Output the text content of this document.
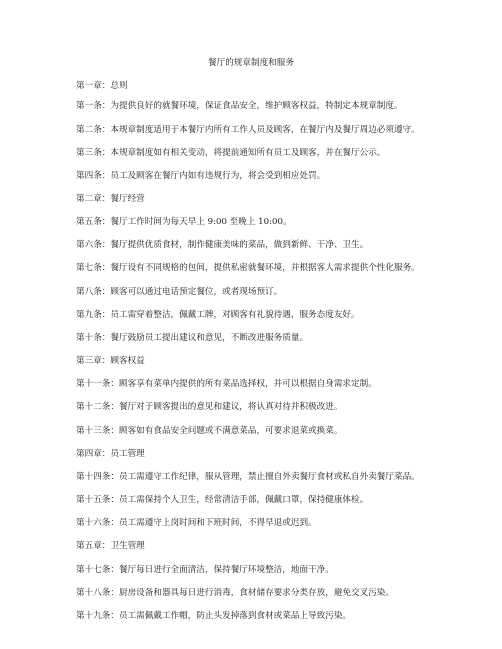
餐厅的规章制度和服务
第一章：总则
第一条：为提供良好的就餐环境，保证食品安全，维护顾客权益，特制定本规章制度。
第二条：本规章制度适用于本餐厅内所有工作人员及顾客，在餐厅内及餐厅周边必须遵守。
第三条：本规章制度如有相关变动，将提前通知所有员工及顾客，并在餐厅公示。
第四条：员工及顾客在餐厅内如有违规行为，将会受到相应处罚。
第二章：餐厅经营
第五条：餐厅工作时间为每天早上 9:00 至晚上 10:00。
第六条：餐厅提供优质食材，制作健康美味的菜品，做到新鲜、干净、卫生。
第七条：餐厅设有不同规格的包间，提供私密就餐环境，并根据客人需求提供个性化服务。
第八条：顾客可以通过电话预定餐位，或者现场预订。
第九条：员工需穿着整洁，佩戴工牌，对顾客有礼貌待遇，服务态度友好。
第十条：餐厅鼓励员工提出建议和意见，不断改进服务质量。
第三章：顾客权益
第十一条：顾客享有菜单内提供的所有菜品选择权，并可以根据自身需求定制。
第十二条：餐厅对于顾客提出的意见和建议，将认真对待并积极改进。
第十三条：顾客如有食品安全问题或不满意菜品，可要求退菜或换菜。
第四章：员工管理
第十四条：员工需遵守工作纪律，服从管理，禁止擅自外卖餐厅食材或私自外卖餐厅菜品。
第十五条：员工需保持个人卫生，经常清洁手部，佩戴口罩，保持健康体检。
第十六条：员工需遵守上岗时间和下班时间，不得早退或迟到。
第五章：卫生管理
第十七条：餐厅每日进行全面清洁，保持餐厅环境整洁，地面干净。
第十八条：厨房设备和器具每日进行消毒，食材储存要求分类存放，避免交叉污染。
第十九条：员工需佩戴工作帽，防止头发掉落到食材或菜品上导致污染。
